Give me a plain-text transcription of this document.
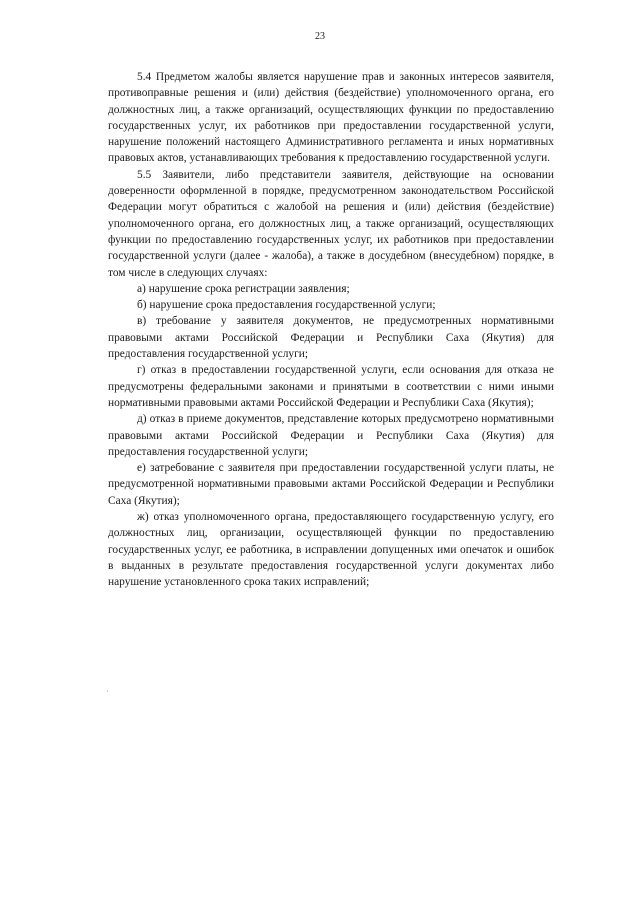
23

5.4 Предметом жалобы является нарушение прав и законных интересов заявителя, противоправные решения и (или) действия (бездействие) уполномоченного органа, его должностных лиц, а также организаций, осуществляющих функции по предоставлению государственных услуг, их работников при предоставлении государственной услуги, нарушение положений настоящего Административного регламента и иных нормативных правовых актов, устанавливающих требования к предоставлению государственной услуги.

5.5 Заявители, либо представители заявителя, действующие на основании доверенности оформленной в порядке, предусмотренном законодательством Российской Федерации могут обратиться с жалобой на решения и (или) действия (бездействие) уполномоченного органа, его должностных лиц, а также организаций, осуществляющих функции по предоставлению государственных услуг, их работников при предоставлении государственной услуги (далее - жалоба), а также в досудебном (внесудебном) порядке, в том числе в следующих случаях:

а) нарушение срока регистрации заявления;

б) нарушение срока предоставления государственной услуги;

в) требование у заявителя документов, не предусмотренных нормативными правовыми актами Российской Федерации и Республики Саха (Якутия) для предоставления государственной услуги;

г) отказ в предоставлении государственной услуги, если основания для отказа не предусмотрены федеральными законами и принятыми в соответствии с ними иными нормативными правовыми актами Российской Федерации и Республики Саха (Якутия);

д) отказ в приеме документов, представление которых предусмотрено нормативными правовыми актами Российской Федерации и Республики Саха (Якутия) для предоставления государственной услуги;

е) затребование с заявителя при предоставлении государственной услуги платы, не предусмотренной нормативными правовыми актами Российской Федерации и Республики Саха (Якутия);

ж) отказ уполномоченного органа, предоставляющего государственную услугу, его должностных лиц, организации, осуществляющей функции по предоставлению государственных услуг, ее работника, в исправлении допущенных ими опечаток и ошибок в выданных в результате предоставления государственной услуги документах либо нарушение установленного срока таких исправлений;

·
